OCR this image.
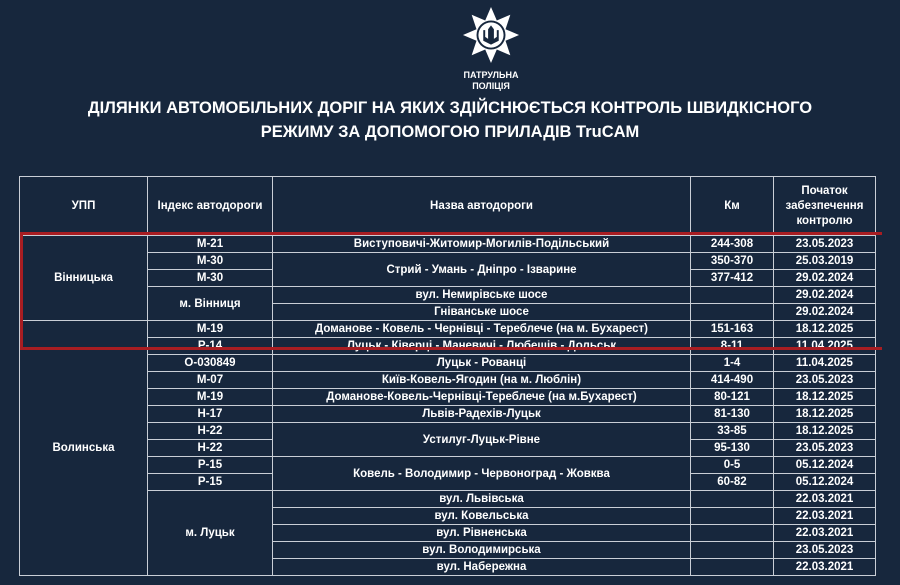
ПАТРУЛЬНА
ПОЛІЦІЯ
ДІЛЯНКИ АВТОМОБІЛЬНИХ ДОРІГ НА ЯКИХ ЗДІЙСНЮЄТЬСЯ КОНТРОЛЬ ШВИДКІСНОГО
РЕЖИМУ ЗА ДОПОМОГОЮ ПРИЛАДІВ TruCAM
УПП	Індекс автодороги	Назва автодороги	Км	Початок забезпечення контролю
Вінницька	М-21	Виступовичі-Житомир-Могилів-Подільський	244-308	23.05.2023
	М-30	Стрий - Умань - Дніпро - Ізварине	350-370	25.03.2019
	М-30		377-412	29.02.2024
	м. Вінниця	вул. Немирівське шосе		29.02.2024
		Гніванське шосе		29.02.2024
Волинська	М-19	Доманове - Ковель - Чернівці - Тереблече (на м. Бухарест)	151-163	18.12.2025
	Р-14	Луцьк - Ківерці - Маневичі - Любешів - Дольськ	8-11	11.04.2025
	О-030849	Луцьк - Рованці	1-4	11.04.2025
	М-07	Київ-Ковель-Ягодин (на м. Люблін)	414-490	23.05.2023
	М-19	Доманове-Ковель-Чернівці-Тереблече (на м.Бухарест)	80-121	18.12.2025
	Н-17	Львів-Радехів-Луцьк	81-130	18.12.2025
	Н-22	Устилуг-Луцьк-Рівне	33-85	18.12.2025
	Н-22		95-130	23.05.2023
	Р-15	Ковель - Володимир - Червоноград - Жовква	0-5	05.12.2024
	Р-15		60-82	05.12.2024
	м. Луцьк	вул. Львівська		22.03.2021
		вул. Ковельська		22.03.2021
		вул. Рівненська		22.03.2021
		вул. Володимирська		23.05.2023
		вул. Набережна		22.03.2021
